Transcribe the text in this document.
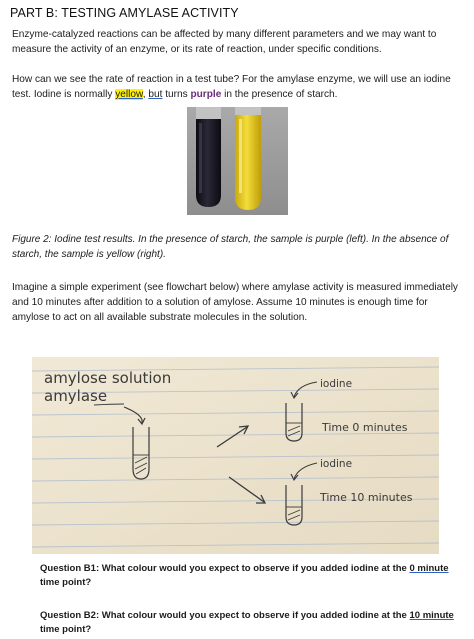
PART B: TESTING AMYLASE ACTIVITY
Enzyme-catalyzed reactions can be affected by many different parameters and we may want to measure the activity of an enzyme, or its rate of reaction, under specific conditions.
How can we see the rate of reaction in a test tube? For the amylase enzyme, we will use an iodine test. Iodine is normally yellow, but turns purple in the presence of starch.
Figure 2: Iodine test results. In the presence of starch, the sample is purple (left). In the absence of starch, the sample is yellow (right).
Imagine a simple experiment (see flowchart below) where amylase activity is measured immediately and 10 minutes after addition to a solution of amylose. Assume 10 minutes is enough time for amylose to act on all available substrate molecules in the solution.
amylose solution
amylase
iodine
Time 0 minutes
iodine
Time 10 minutes
Question B1: What colour would you expect to observe if you added iodine at the 0 minute time point?
Question B2: What colour would you expect to observe if you added iodine at the 10 minute time point?
